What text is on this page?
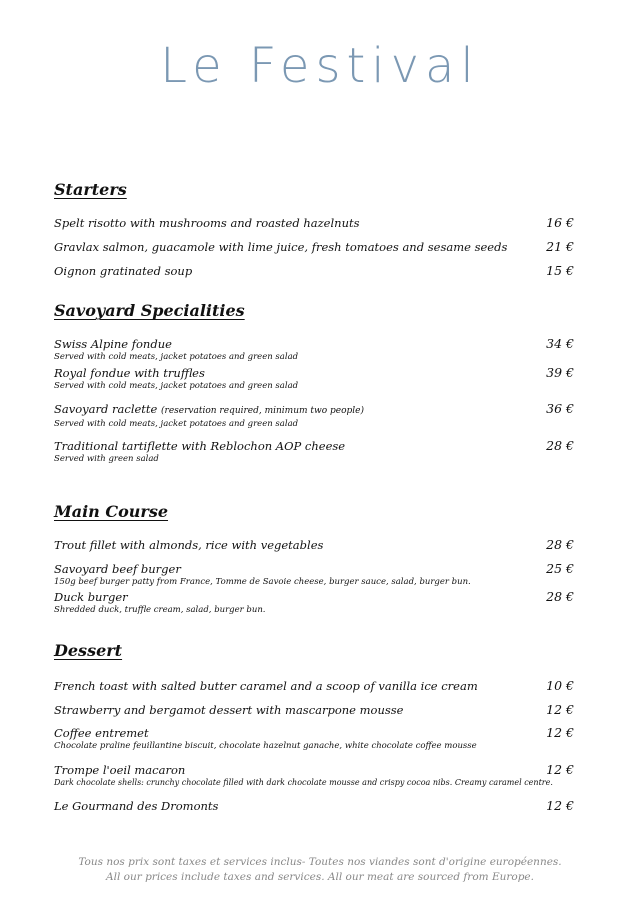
Le Festival
Starters
Spelt risotto with mushrooms and roasted hazelnuts	16 €
Gravlax salmon, guacamole with lime juice, fresh tomatoes and sesame seeds	21 €
Oignon gratinated soup	15 €
Savoyard Specialities
Swiss Alpine fondue
Served with cold meats, jacket potatoes and green salad
34 €
Royal fondue with truffles
Served with cold meats, jacket potatoes and green salad
39 €
Savoyard raclette (reservation required, minimum two people)
Served with cold meats, jacket potatoes and green salad
36 €
Traditional tartiflette with Reblochon AOP cheese
Served with green salad
28 €
Main Course
Trout fillet with almonds, rice with vegetables	28 €
Savoyard beef burger
150g beef burger patty from France, Tomme de Savoie cheese, burger sauce, salad, burger bun.
25 €
Duck burger
Shredded duck, truffle cream, salad, burger bun.
28 €
Dessert
French toast with salted butter caramel and a scoop of vanilla ice cream	10 €
Strawberry and bergamot dessert with mascarpone mousse	12 €
Coffee entremet
Chocolate praline feuillantine biscuit, chocolate hazelnut ganache, white chocolate coffee mousse
12 €
Trompe l'oeil macaron
Dark chocolate shells: crunchy chocolate filled with dark chocolate mousse and crispy cocoa nibs. Creamy caramel centre.
12 €
Le Gourmand des Dromonts	12 €
Tous nos prix sont taxes et services inclus- Toutes nos viandes sont d'origine européennes.
All our prices include taxes and services. All our meat are sourced from Europe.
